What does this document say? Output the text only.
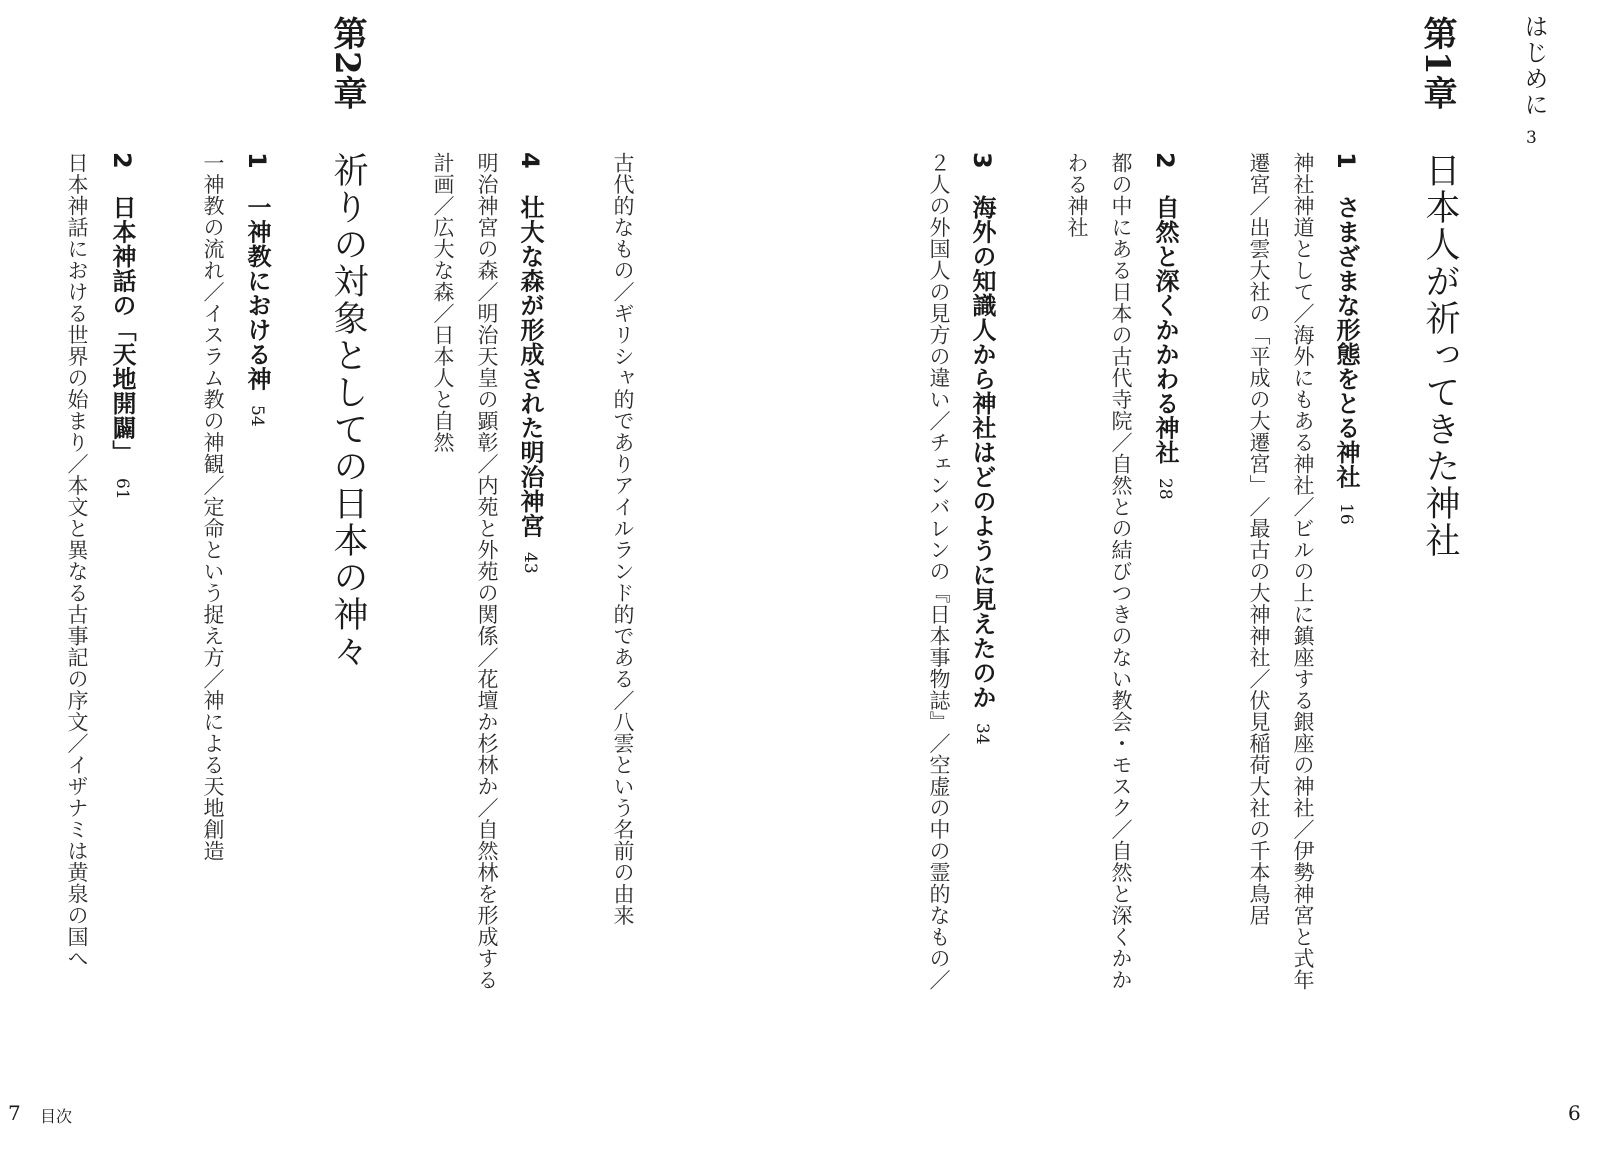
はじめに
3
第1章
日本人が祈ってきた神社
1さまざまな形態をとる神社16
神社神道として／海外にもある神社／ビルの上に鎮座する銀座の神社／伊勢神宮と式年
遷宮／出雲大社の「平成の大遷宮」／最古の大神神社／伏見稲荷大社の千本鳥居
2自然と深くかかわる神社28
都の中にある日本の古代寺院／自然との結びつきのない教会・モスク／自然と深くかか
わる神社
3海外の知識人から神社はどのように見えたのか34
２人の外国人の見方の違い／チェンバレンの『日本事物誌』／空虚の中の霊的なもの／
古代的なもの／ギリシャ的でありアイルランド的である／八雲という名前の由来
4壮大な森が形成された明治神宮43
明治神宮の森／明治天皇の顕彰／内苑と外苑の関係／花壇か杉林か／自然林を形成する
計画／広大な森／日本人と自然
第2章
祈りの対象としての日本の神々
1一神教における神54
一神教の流れ／イスラム教の神観／定命という捉え方／神による天地創造
2日本神話の「天地開闢」61
日本神話における世界の始まり／本文と異なる古事記の序文／イザナミは黄泉の国へ
7 目次	6
